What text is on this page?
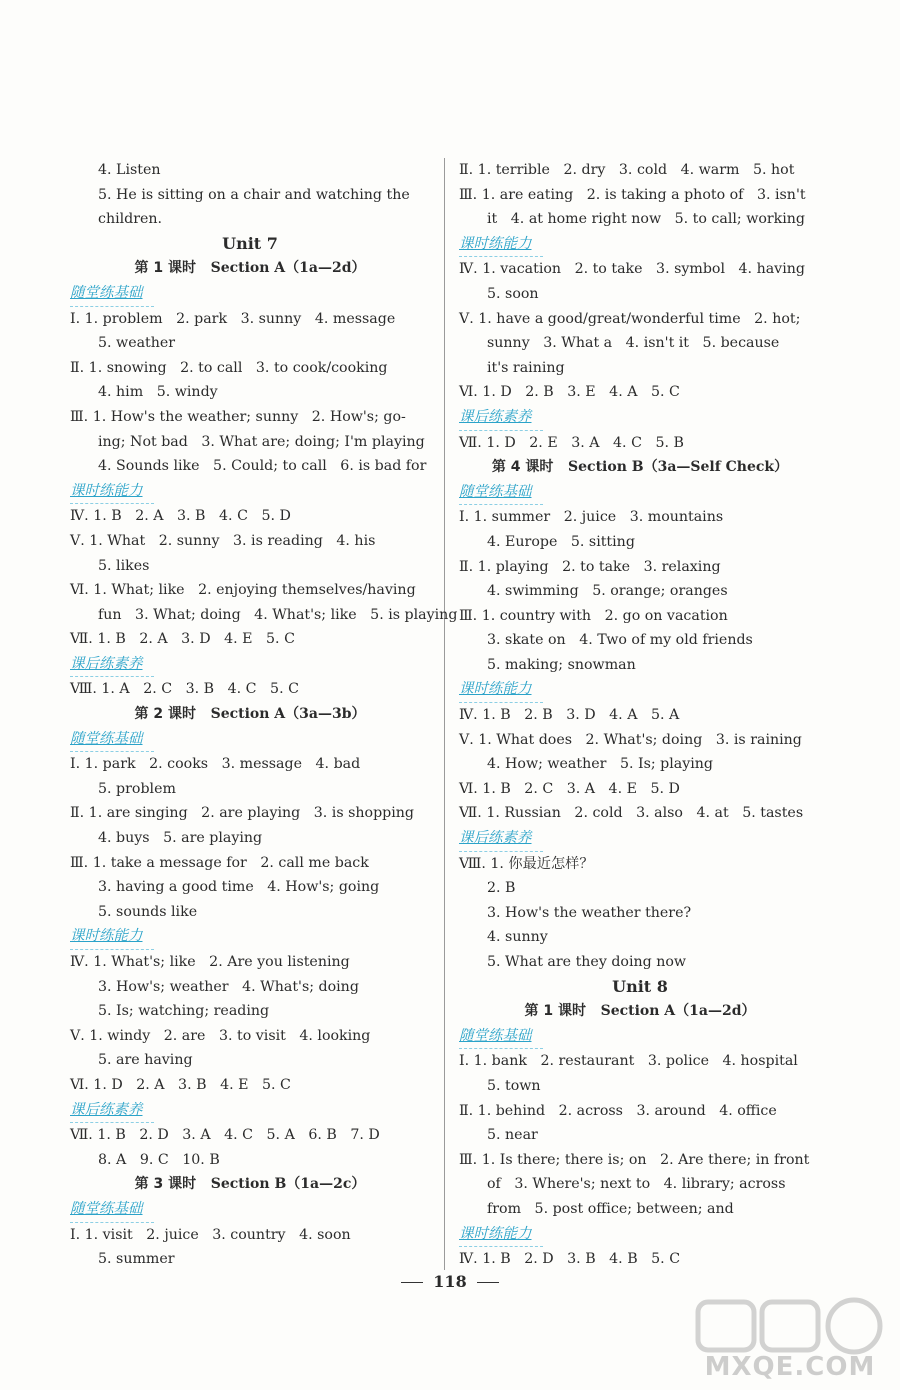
4. Listen
5. He is sitting on a chair and watching the
children.
Unit 7
第 1 课时 Section A（1a—2d）
随堂练基础
Ⅰ. 1. problem   2. park   3. sunny   4. message
5. weather
Ⅱ. 1. snowing   2. to call   3. to cook/cooking
4. him   5. windy
Ⅲ. 1. How's the weather; sunny   2. How's; go-
ing; Not bad   3. What are; doing; I'm playing
4. Sounds like   5. Could; to call   6. is bad for
课时练能力
Ⅳ. 1. B   2. A   3. B   4. C   5. D
Ⅴ. 1. What   2. sunny   3. is reading   4. his
5. likes
Ⅵ. 1. What; like   2. enjoying themselves/having
fun   3. What; doing   4. What's; like   5. is playing
Ⅶ. 1. B   2. A   3. D   4. E   5. C
课后练素养
Ⅷ. 1. A   2. C   3. B   4. C   5. C
第 2 课时 Section A（3a—3b）
随堂练基础
Ⅰ. 1. park   2. cooks   3. message   4. bad
5. problem
Ⅱ. 1. are singing   2. are playing   3. is shopping
4. buys   5. are playing
Ⅲ. 1. take a message for   2. call me back
3. having a good time   4. How's; going
5. sounds like
课时练能力
Ⅳ. 1. What's; like   2. Are you listening
3. How's; weather   4. What's; doing
5. Is; watching; reading
Ⅴ. 1. windy   2. are   3. to visit   4. looking
5. are having
Ⅵ. 1. D   2. A   3. B   4. E   5. C
课后练素养
Ⅶ. 1. B   2. D   3. A   4. C   5. A   6. B   7. D
8. A   9. C   10. B
第 3 课时 Section B（1a—2c）
随堂练基础
Ⅰ. 1. visit   2. juice   3. country   4. soon
5. summer
Ⅱ. 1. terrible   2. dry   3. cold   4. warm   5. hot
Ⅲ. 1. are eating   2. is taking a photo of   3. isn't
it   4. at home right now   5. to call; working
课时练能力
Ⅳ. 1. vacation   2. to take   3. symbol   4. having
5. soon
Ⅴ. 1. have a good/great/wonderful time   2. hot;
sunny   3. What a   4. isn't it   5. because
it's raining
Ⅵ. 1. D   2. B   3. E   4. A   5. C
课后练素养
Ⅶ. 1. D   2. E   3. A   4. C   5. B
第 4 课时 Section B（3a—Self Check）
随堂练基础
Ⅰ. 1. summer   2. juice   3. mountains
4. Europe   5. sitting
Ⅱ. 1. playing   2. to take   3. relaxing
4. swimming   5. orange; oranges
Ⅲ. 1. country with   2. go on vacation
3. skate on   4. Two of my old friends
5. making; snowman
课时练能力
Ⅳ. 1. B   2. B   3. D   4. A   5. A
Ⅴ. 1. What does   2. What's; doing   3. is raining
4. How; weather   5. Is; playing
Ⅵ. 1. B   2. C   3. A   4. E   5. D
Ⅶ. 1. Russian   2. cold   3. also   4. at   5. tastes
课后练素养
Ⅷ. 1. 你最近怎样？
2. B
3. How's the weather there?
4. sunny
5. What are they doing now
Unit 8
第 1 课时 Section A（1a—2d）
随堂练基础
Ⅰ. 1. bank   2. restaurant   3. police   4. hospital
5. town
Ⅱ. 1. behind   2. across   3. around   4. office
5. near
Ⅲ. 1. Is there; there is; on   2. Are there; in front
of   3. Where's; next to   4. library; across
from   5. post office; between; and
课时练能力
Ⅳ. 1. B   2. D   3. B   4. B   5. C
118
MXQE.COM
